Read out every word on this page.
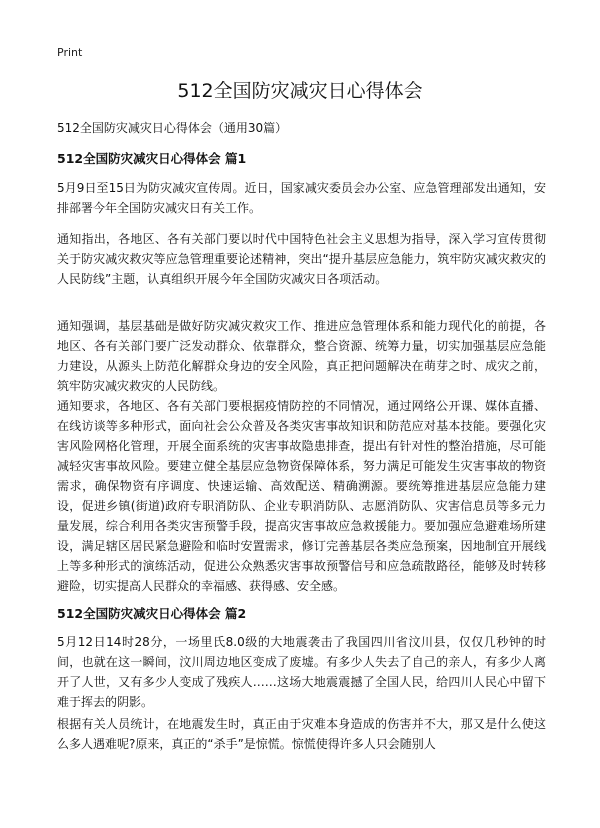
Print
512全国防灾减灾日心得体会
512全国防灾减灾日心得体会（通用30篇）
512全国防灾减灾日心得体会 篇1

5月9日至15日为防灾减灾宣传周。近日，国家减灾委员会办公室、应急管理部发出通知，安排部署今年全国防灾减灾日有关工作。

通知指出，各地区、各有关部门要以时代中国特色社会主义思想为指导，深入学习宣传贯彻关于防灾减灾救灾等应急管理重要论述精神，突出“提升基层应急能力，筑牢防灾减灾救灾的人民防线”主题，认真组织开展今年全国防灾减灾日各项活动。

通知强调，基层基础是做好防灾减灾救灾工作、推进应急管理体系和能力现代化的前提，各地区、各有关部门要广泛发动群众、依靠群众，整合资源、统筹力量，切实加强基层应急能力建设，从源头上防范化解群众身边的安全风险，真正把问题解决在萌芽之时、成灾之前，筑牢防灾减灾救灾的人民防线。

通知要求，各地区、各有关部门要根据疫情防控的不同情况，通过网络公开课、媒体直播、在线访谈等多种形式，面向社会公众普及各类灾害事故知识和防范应对基本技能。要强化灾害风险网格化管理，开展全面系统的灾害事故隐患排查，提出有针对性的整治措施，尽可能减轻灾害事故风险。要建立健全基层应急物资保障体系，努力满足可能发生灾害事故的物资需求，确保物资有序调度、快速运输、高效配送、精确溯源。要统筹推进基层应急能力建设，促进乡镇(街道)政府专职消防队、企业专职消防队、志愿消防队、灾害信息员等多元力量发展，综合利用各类灾害预警手段，提高灾害事故应急救援能力。要加强应急避难场所建设，满足辖区居民紧急避险和临时安置需求，修订完善基层各类应急预案，因地制宜开展线上等多种形式的演练活动，促进公众熟悉灾害事故预警信号和应急疏散路径，能够及时转移避险，切实提高人民群众的幸福感、获得感、安全感。

512全国防灾减灾日心得体会 篇2

5月12日14时28分，一场里氏8.0级的大地震袭击了我国四川省汶川县，仅仅几秒钟的时间，也就在这一瞬间，汶川周边地区变成了废墟。有多少人失去了自己的亲人，有多少人离开了人世，又有多少人变成了残疾人……这场大地震震撼了全国人民，给四川人民心中留下难于挥去的阴影。

根据有关人员统计，在地震发生时，真正由于灾难本身造成的伤害并不大，那又是什么使这么多人遇难呢?原来，真正的“杀手”是惊慌。惊慌使得许多人只会随别人
